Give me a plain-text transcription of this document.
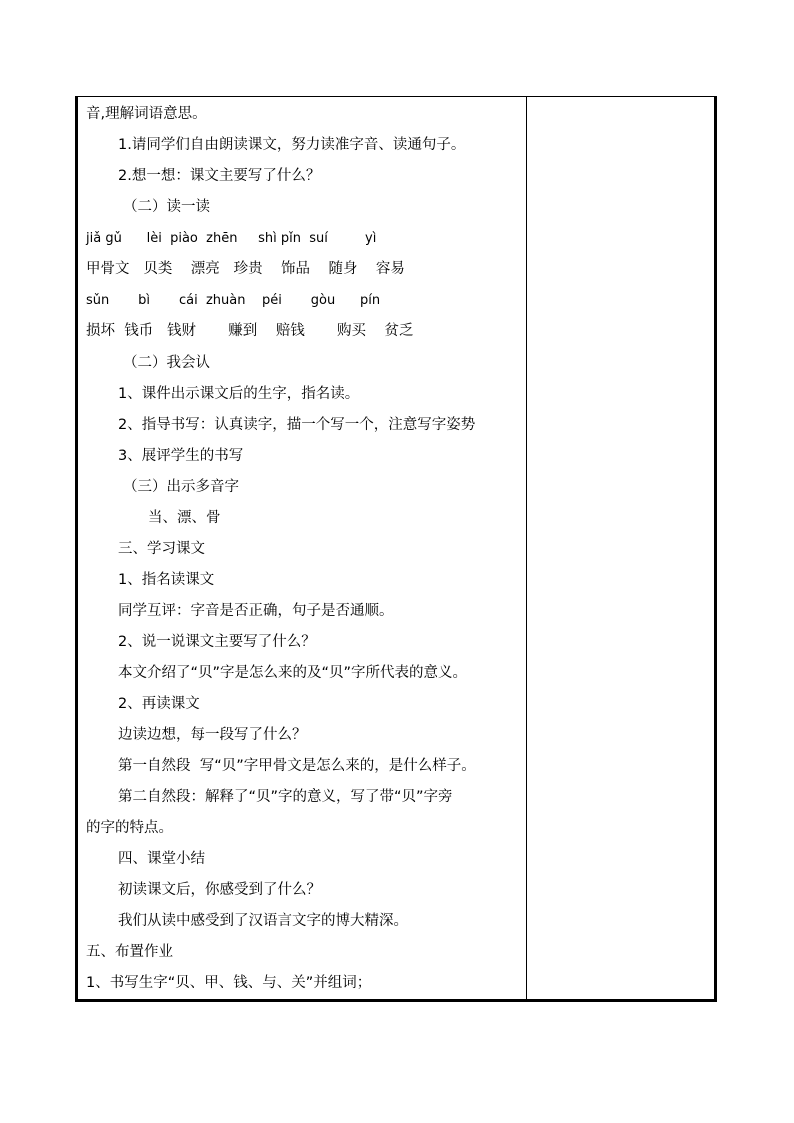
音,理解词语意思。
1.请同学们自由朗读课文，努力读准字音、读通句子。
2.想一想：课文主要写了什么？
（二）读一读
jiǎ gǔ      lèi  piào  zhēn     shì pǐn  suí         yì
甲骨文   贝类    漂亮   珍贵    饰品    随身    容易
sǔn       bì       cái  zhuàn    péi       gòu      pín
损坏  钱币   钱财       赚到    赔钱       购买    贫乏
（二）我会认
1、课件出示课文后的生字，指名读。
2、指导书写：认真读字，描一个写一个，注意写字姿势
3、展评学生的书写
（三）出示多音字
当、漂、骨
三、学习课文
1、指名读课文
同学互评：字音是否正确，句子是否通顺。
2、说一说课文主要写了什么？
本文介绍了“贝”字是怎么来的及“贝”字所代表的意义。
2、再读课文
边读边想，每一段写了什么？
第一自然段  写“贝”字甲骨文是怎么来的，是什么样子。
第二自然段：解释了“贝”字的意义，写了带“贝”字旁
的字的特点。
四、课堂小结
初读课文后，你感受到了什么？
我们从读中感受到了汉语言文字的博大精深。
五、布置作业
1、书写生字“贝、甲、钱、与、关”并组词；
